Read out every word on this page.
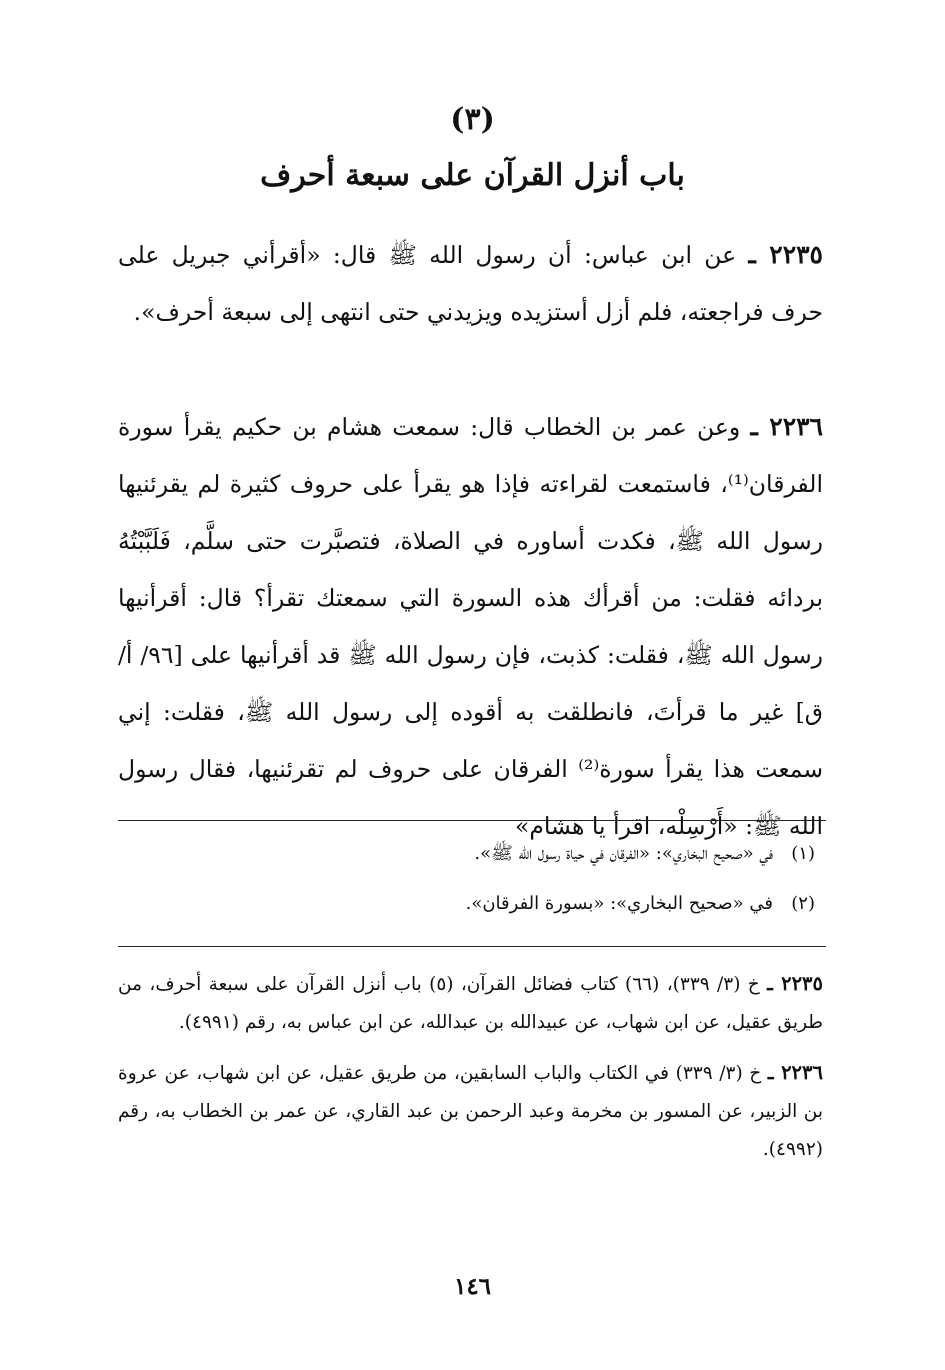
(٣)
باب أنزل القرآن على سبعة أحرف
٢٢٣٥ ـ عن ابن عباس: أن رسول الله ﷺ قال: «أقرأني جبريل على حرف فراجعته، فلم أزل أستزيده ويزيدني حتى انتهى إلى سبعة أحرف».
٢٢٣٦ ـ وعن عمر بن الخطاب قال: سمعت هشام بن حكيم يقرأ سورة الفرقان⁽¹⁾، فاستمعت لقراءته فإذا هو يقرأ على حروف كثيرة لم يقرئنيها رسول الله ﷺ، فكدت أساوره في الصلاة، فتصبَّرت حتى سلَّم، فَلَبَّبْتُهُ بردائه فقلت: من أقرأك هذه السورة التي سمعتك تقرأ؟ قال: أقرأنيها رسول الله ﷺ، فقلت: كذبت، فإن رسول الله ﷺ قد أقرأنيها على [٩٦/ أ/ ق] غير ما قرأتَ، فانطلقت به أقوده إلى رسول الله ﷺ، فقلت: إني سمعت هذا يقرأ سورة⁽²⁾ الفرقان على حروف لم تقرئنيها، فقال رسول الله ﷺ: «أَرْسِلْه، اقرأ يا هشام»
(١)في «صحيح البخاري»: «الفرقان في حياة رسول الله ﷺ».
(٢)في «صحيح البخاري»: «بسورة الفرقان».
٢٢٣٥ ـ خ (٣/ ٣٣٩)، (٦٦) كتاب فضائل القرآن، (٥) باب أنزل القرآن على سبعة أحرف، من طريق عقيل، عن ابن شهاب، عن عبيدالله بن عبدالله، عن ابن عباس به، رقم (٤٩٩١).
٢٢٣٦ ـ خ (٣/ ٣٣٩) في الكتاب والباب السابقين، من طريق عقيل، عن ابن شهاب، عن عروة بن الزبير، عن المسور بن مخرمة وعبد الرحمن بن عبد القاري، عن عمر بن الخطاب به، رقم (٤٩٩٢).
١٤٦
